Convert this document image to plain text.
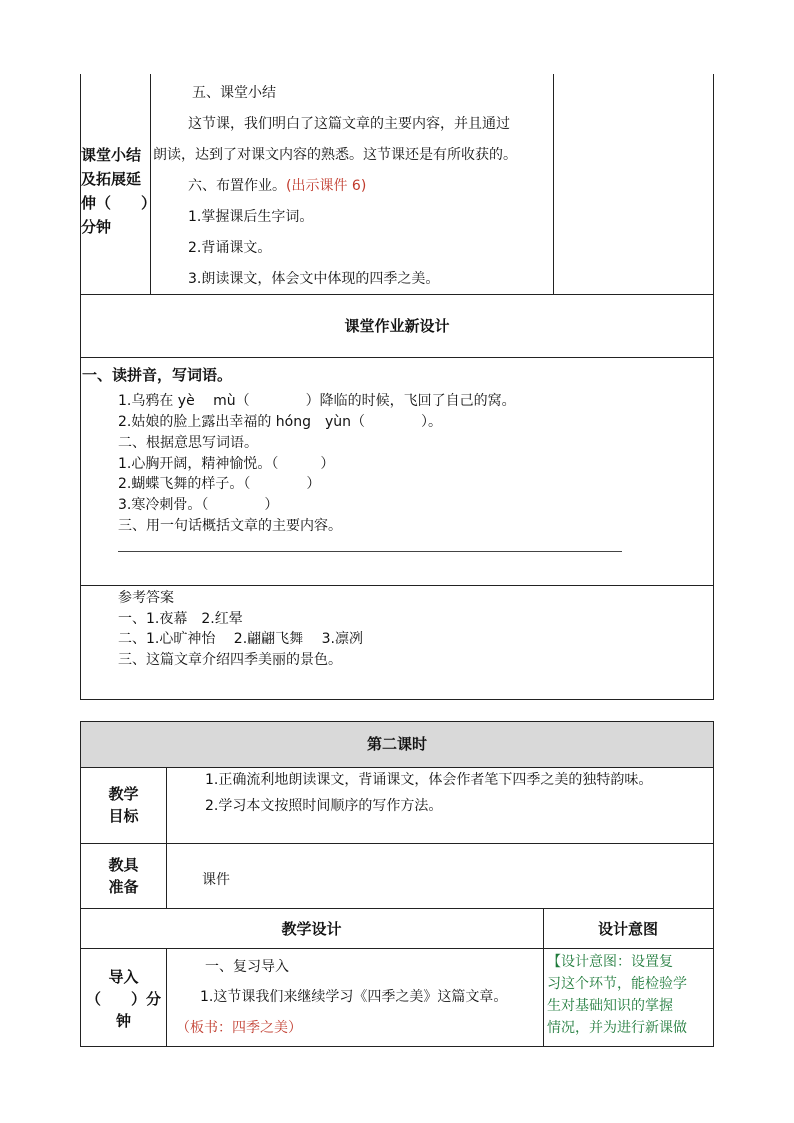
课堂小结
及拓展延
伸（　　）
分钟
五、课堂小结
这节课，我们明白了这篇文章的主要内容，并且通过
朗读，达到了对课文内容的熟悉。这节课还是有所收获的。
六、布置作业。(出示课件 6)
1.掌握课后生字词。
2.背诵课文。
3.朗读课文，体会文中体现的四季之美。
课堂作业新设计
一、读拼音，写词语。
1.乌鸦在 yè　 mù（　　　　）降临的时候，飞回了自己的窝。
2.姑娘的脸上露出幸福的 hóng　yùn（　　　　）。
二、根据意思写词语。
1.心胸开阔，精神愉悦。（　　　）
2.蝴蝶飞舞的样子。（　　　　）
3.寒冷刺骨。（　　　　）
三、用一句话概括文章的主要内容。
参考答案
一、1.夜幕　2.红晕
二、1.心旷神怡　 2.翩翩飞舞　 3.凛冽
三、这篇文章介绍四季美丽的景色。
第二课时
教学
目标
1.正确流利地朗读课文，背诵课文，体会作者笔下四季之美的独特韵味。
2.学习本文按照时间顺序的写作方法。
教具
准备	课件
教学设计	设计意图
导入
（　　）分
钟
一、复习导入
1.这节课我们来继续学习《四季之美》这篇文章。
（板书：四季之美）
【设计意图：设置复
习这个环节，能检验学
生对基础知识的掌握
情况，并为进行新课做
